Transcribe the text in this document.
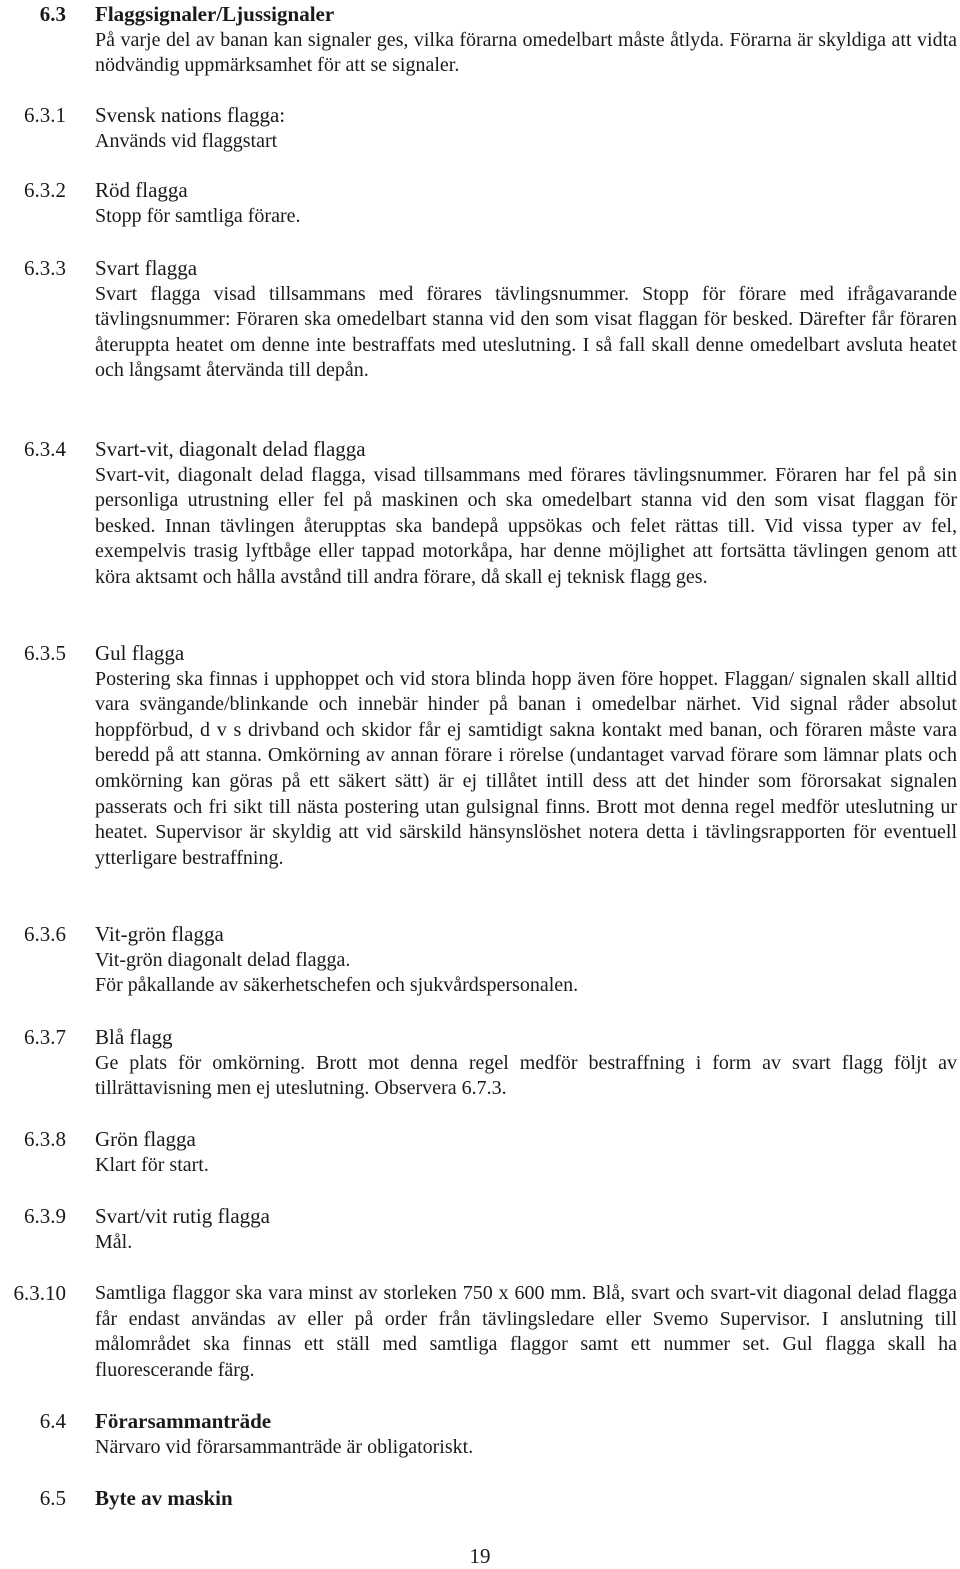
6.3 Flaggsignaler/Ljussignaler

På varje del av banan kan signaler ges, vilka förarna omedelbart måste åtlyda. Förarna är skyldiga att vidta nödvändig uppmärksamhet för att se signaler.

6.3.1 Svensk nations flagga:

Används vid flaggstart

6.3.2 Röd flagga

Stopp för samtliga förare.

6.3.3 Svart flagga

Svart flagga visad tillsammans med förares tävlingsnummer. Stopp för förare med ifrågavarande tävlingsnummer: Föraren ska omedelbart stanna vid den som visat flaggan för besked. Därefter får föraren återuppta heatet om denne inte bestraffats med uteslutning. I så fall skall denne omedelbart avsluta heatet och långsamt återvända till depån.

6.3.4 Svart-vit, diagonalt delad flagga

Svart-vit, diagonalt delad flagga, visad tillsammans med förares tävlingsnummer. Föraren har fel på sin personliga utrustning eller fel på maskinen och ska omedelbart stanna vid den som visat flaggan för besked. Innan tävlingen återupptas ska bandepå uppsökas och felet rättas till. Vid vissa typer av fel, exempelvis trasig lyftbåge eller tappad motorkåpa, har denne möjlighet att fortsätta tävlingen genom att köra aktsamt och hålla avstånd till andra förare, då skall ej teknisk flagg ges.

6.3.5 Gul flagga

Postering ska finnas i upphoppet och vid stora blinda hopp även före hoppet. Flaggan/ signalen skall alltid vara svängande/blinkande och innebär hinder på banan i omedelbar närhet. Vid signal råder absolut hoppförbud, d v s drivband och skidor får ej samtidigt sakna kontakt med banan, och föraren måste vara beredd på att stanna. Omkörning av annan förare i rörelse (undantaget varvad förare som lämnar plats och omkörning kan göras på ett säkert sätt) är ej tillåtet intill dess att det hinder som förorsakat signalen passerats och fri sikt till nästa postering utan gulsignal finns. Brott mot denna regel medför uteslutning ur heatet. Supervisor är skyldig att vid särskild hänsynslöshet notera detta i tävlingsrapporten för eventuell ytterligare bestraffning.

6.3.6 Vit-grön flagga

Vit-grön diagonalt delad flagga.

För påkallande av säkerhetschefen och sjukvårdspersonalen.

6.3.7 Blå flagg

Ge plats för omkörning. Brott mot denna regel medför bestraffning i form av svart flagg följt av tillrättavisning men ej uteslutning. Observera 6.7.3.

6.3.8 Grön flagga

Klart för start.

6.3.9 Svart/vit rutig flagga

Mål.

6.3.10 Samtliga flaggor ska vara minst av storleken 750 x 600 mm. Blå, svart och svart-vit diagonal delad flagga får endast användas av eller på order från tävlingsledare eller Svemo Supervisor. I anslutning till målområdet ska finnas ett ställ med samtliga flaggor samt ett nummer set. Gul flagga skall ha fluorescerande färg.

6.4 Förarsammanträde

Närvaro vid förarsammanträde är obligatoriskt.

6.5 Byte av maskin
19
